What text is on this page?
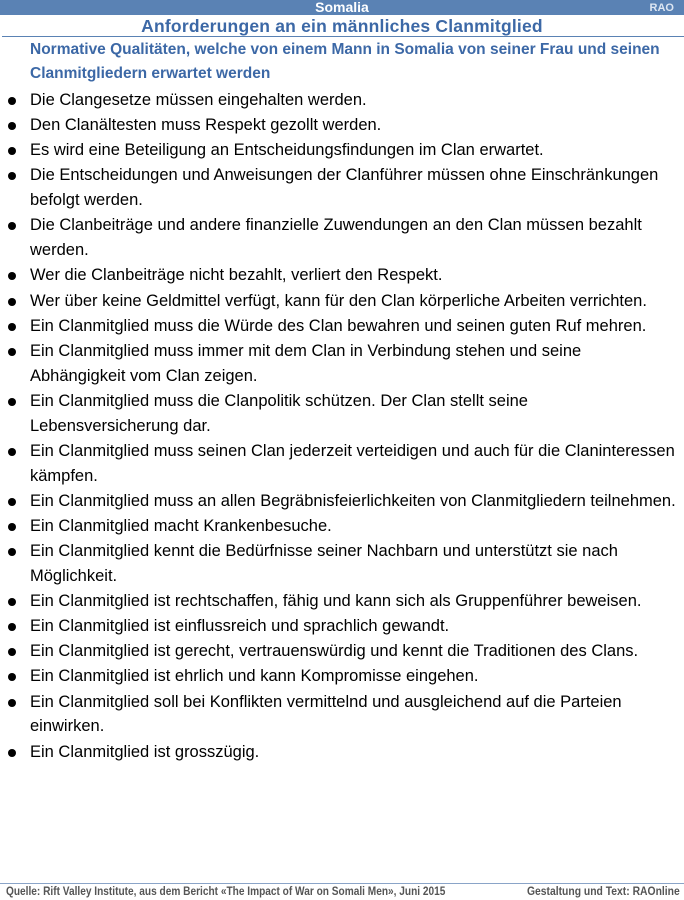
Somalia	RAO
Anforderungen an ein männliches Clanmitglied
Normative Qualitäten, welche von einem Mann in Somalia von seiner Frau und seinen Clanmitgliedern erwartet werden
Die Clangesetze müssen eingehalten werden.
Den Clanältesten muss Respekt gezollt werden.
Es wird eine Beteiligung an Entscheidungsfindungen im Clan erwartet.
Die Entscheidungen und Anweisungen der Clanführer müssen ohne Einschränkungen befolgt werden.
Die Clanbeiträge und andere finanzielle Zuwendungen an den Clan müssen bezahlt werden.
Wer die Clanbeiträge nicht bezahlt, verliert den Respekt.
Wer über keine Geldmittel verfügt, kann für den Clan körperliche Arbeiten verrichten.
Ein Clanmitglied muss die Würde des Clan bewahren und seinen guten Ruf mehren.
Ein Clanmitglied muss immer mit dem Clan in Verbindung stehen und seine Abhängigkeit vom Clan zeigen.
Ein Clanmitglied muss die Clanpolitik schützen. Der Clan stellt seine Lebensversicherung dar.
Ein Clanmitglied muss seinen Clan jederzeit verteidigen und auch für die Claninteressen kämpfen.
Ein Clanmitglied muss an allen Begräbnisfeierlichkeiten von Clanmitgliedern teilnehmen.
Ein Clanmitglied macht Krankenbesuche.
Ein Clanmitglied kennt die Bedürfnisse seiner Nachbarn und unterstützt sie nach Möglichkeit.
Ein Clanmitglied ist rechtschaffen, fähig und kann sich als Gruppenführer beweisen.
Ein Clanmitglied ist einflussreich und sprachlich gewandt.
Ein Clanmitglied ist gerecht, vertrauenswürdig und kennt die Traditionen des Clans.
Ein Clanmitglied ist ehrlich und kann Kompromisse eingehen.
Ein Clanmitglied soll bei Konflikten vermittelnd und ausgleichend auf die Parteien einwirken.
Ein Clanmitglied ist grosszügig.
Quelle: Rift Valley Institute, aus dem Bericht «The Impact of War on Somali Men», Juni 2015	Gestaltung und Text: RAOnline
